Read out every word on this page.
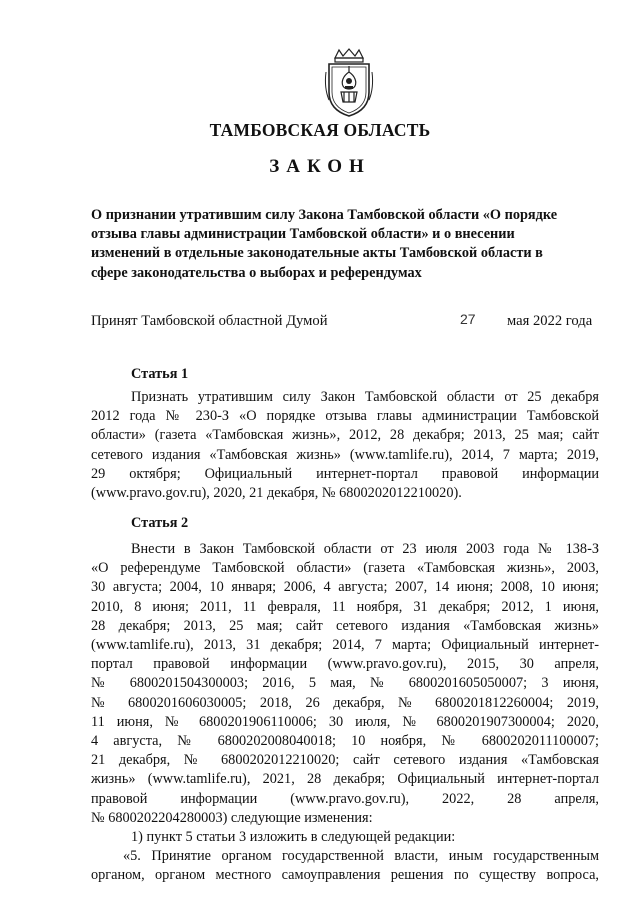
ТАМБОВСКАЯ ОБЛАСТЬ
ЗАКОН
О признании утратившим силу Закона Тамбовской области «О порядке
отзыва главы администрации Тамбовской области» и о внесении
изменений в отдельные законодательные акты Тамбовской области в
сфере законодательства о выборах и референдумах
Принят Тамбовской областной Думой	27 мая 2022 года
Статья 1
Признать утратившим силу Закон Тамбовской области от 25 декабря
2012 года № 230-З «О порядке отзыва главы администрации Тамбовской
области» (газета «Тамбовская жизнь», 2012, 28 декабря; 2013, 25 мая; сайт
сетевого издания «Тамбовская жизнь» (www.tamlife.ru), 2014, 7 марта; 2019,
29 октября; Официальный интернет-портал правовой информации
(www.pravo.gov.ru), 2020, 21 декабря, № 6800202012210020).
Статья 2
Внести в Закон Тамбовской области от 23 июля 2003 года № 138-З
«О референдуме Тамбовской области» (газета «Тамбовская жизнь», 2003,
30 августа; 2004, 10 января; 2006, 4 августа; 2007, 14 июня; 2008, 10 июня;
2010, 8 июня; 2011, 11 февраля, 11 ноября, 31 декабря; 2012, 1 июня,
28 декабря; 2013, 25 мая; сайт сетевого издания «Тамбовская жизнь»
(www.tamlife.ru), 2013, 31 декабря; 2014, 7 марта; Официальный интернет-
портал правовой информации (www.pravo.gov.ru), 2015, 30 апреля,
№ 6800201504300003; 2016, 5 мая, № 6800201605050007; 3 июня,
№ 6800201606030005; 2018, 26 декабря, № 6800201812260004; 2019,
11 июня, № 6800201906110006; 30 июля, № 6800201907300004; 2020,
4 августа, № 6800202008040018; 10 ноября, № 6800202011100007;
21 декабря, № 6800202012210020; сайт сетевого издания «Тамбовская
жизнь» (www.tamlife.ru), 2021, 28 декабря; Официальный интернет-портал
правовой информации (www.pravo.gov.ru), 2022, 28 апреля,
№ 6800202204280003) следующие изменения:
1) пункт 5 статьи 3 изложить в следующей редакции:
«5. Принятие органом государственной власти, иным государственным
органом, органом местного самоуправления решения по существу вопроса,
